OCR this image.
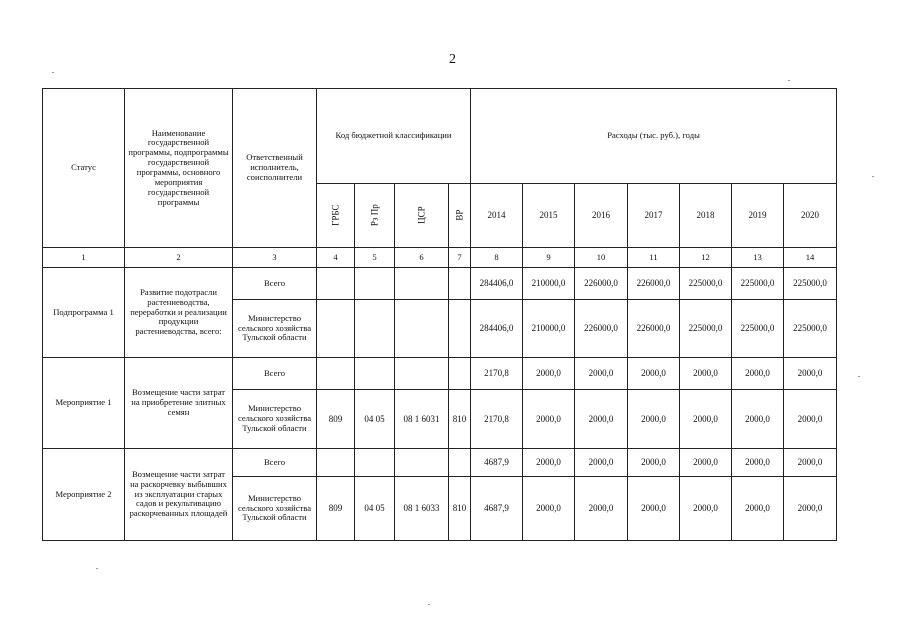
2
Статус	Наименование государственной программы, подпрограммы государственной программы, основного мероприятия государственной программы	Ответственный исполнитель, соисполнители	Код бюджетной классификации				Расходы (тыс. руб.), годы						
			ГРБС	Рз Пр	ЦСР	ВР	2014	2015	2016	2017	2018	2019	2020
1	2	3	4	5	6	7	8	9	10	11	12	13	14
Подпрограмма 1	Развитие подотрасли растениеводства, переработки и реализации продукции растениеводства, всего:	Всего					284406,0	210000,0	226000,0	226000,0	225000,0	225000,0	225000,0
		Министерство сельского хозяйства Тульской области					284406,0	210000,0	226000,0	226000,0	225000,0	225000,0	225000,0
Мероприятие 1	Возмещение части затрат на приобретение элитных семян	Всего					2170,8	2000,0	2000,0	2000,0	2000,0	2000,0	2000,0
		Министерство сельского хозяйства Тульской области	809	04 05	08 1 6031	810	2170,8	2000,0	2000,0	2000,0	2000,0	2000,0	2000,0
Мероприятие 2	Возмещение части затрат на раскорчевку выбывших из эксплуатации старых садов и рекультивацию раскорчеванных площадей	Всего					4687,9	2000,0	2000,0	2000,0	2000,0	2000,0	2000,0
		Министерство сельского хозяйства Тульской области	809	04 05	08 1 6033	810	4687,9	2000,0	2000,0	2000,0	2000,0	2000,0	2000,0
